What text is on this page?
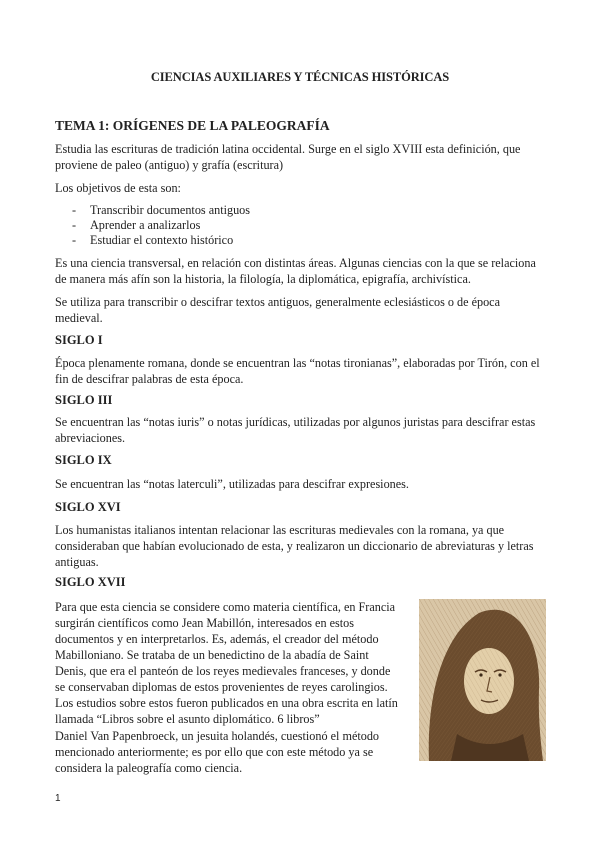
CIENCIAS AUXILIARES Y TÉCNICAS HISTÓRICAS
TEMA 1: ORÍGENES DE LA PALEOGRAFÍA

Estudia las escrituras de tradición latina occidental. Surge en el siglo XVIII esta definición, que proviene de paleo (antiguo) y grafía (escritura)

Los objetivos de esta son:

- Transcribir documentos antiguos
- Aprender a analizarlos
- Estudiar el contexto histórico

Es una ciencia transversal, en relación con distintas áreas. Algunas ciencias con la que se relaciona de manera más afín son la historia, la filología, la diplomática, epigrafía, archivística.

Se utiliza para transcribir o descifrar textos antiguos, generalmente eclesiásticos o de época medieval.

SIGLO I

Época plenamente romana, donde se encuentran las “notas tironianas”, elaboradas por Tirón, con el fin de descifrar palabras de esta época.

SIGLO III

Se encuentran las “notas iuris” o notas jurídicas, utilizadas por algunos juristas para descifrar estas abreviaciones.

SIGLO IX

Se encuentran las “notas laterculi”, utilizadas para descifrar expresiones.

SIGLO XVI

Los humanistas italianos intentan relacionar las escrituras medievales con la romana, ya que consideraban que habían evolucionado de esta, y realizaron un diccionario de abreviaturas y letras antiguas.

SIGLO XVII

Para que esta ciencia se considere como materia científica, en Francia surgirán científicos como Jean Mabillón, interesados en estos documentos y en interpretarlos. Es, además, el creador del método Mabilloniano. Se trataba de un benedictino de la abadía de Saint Denis, que era el panteón de los reyes medievales franceses, y donde se conservaban diplomas de estos provenientes de reyes carolingios. Los estudios sobre estos fueron publicados en una obra escrita en latín llamada “Libros sobre el asunto diplomático. 6 libros”

Daniel Van Papenbroeck, un jesuita holandés, cuestionó el método mencionado anteriormente; es por ello que con este método ya se considera la paleografía como ciencia.

1
